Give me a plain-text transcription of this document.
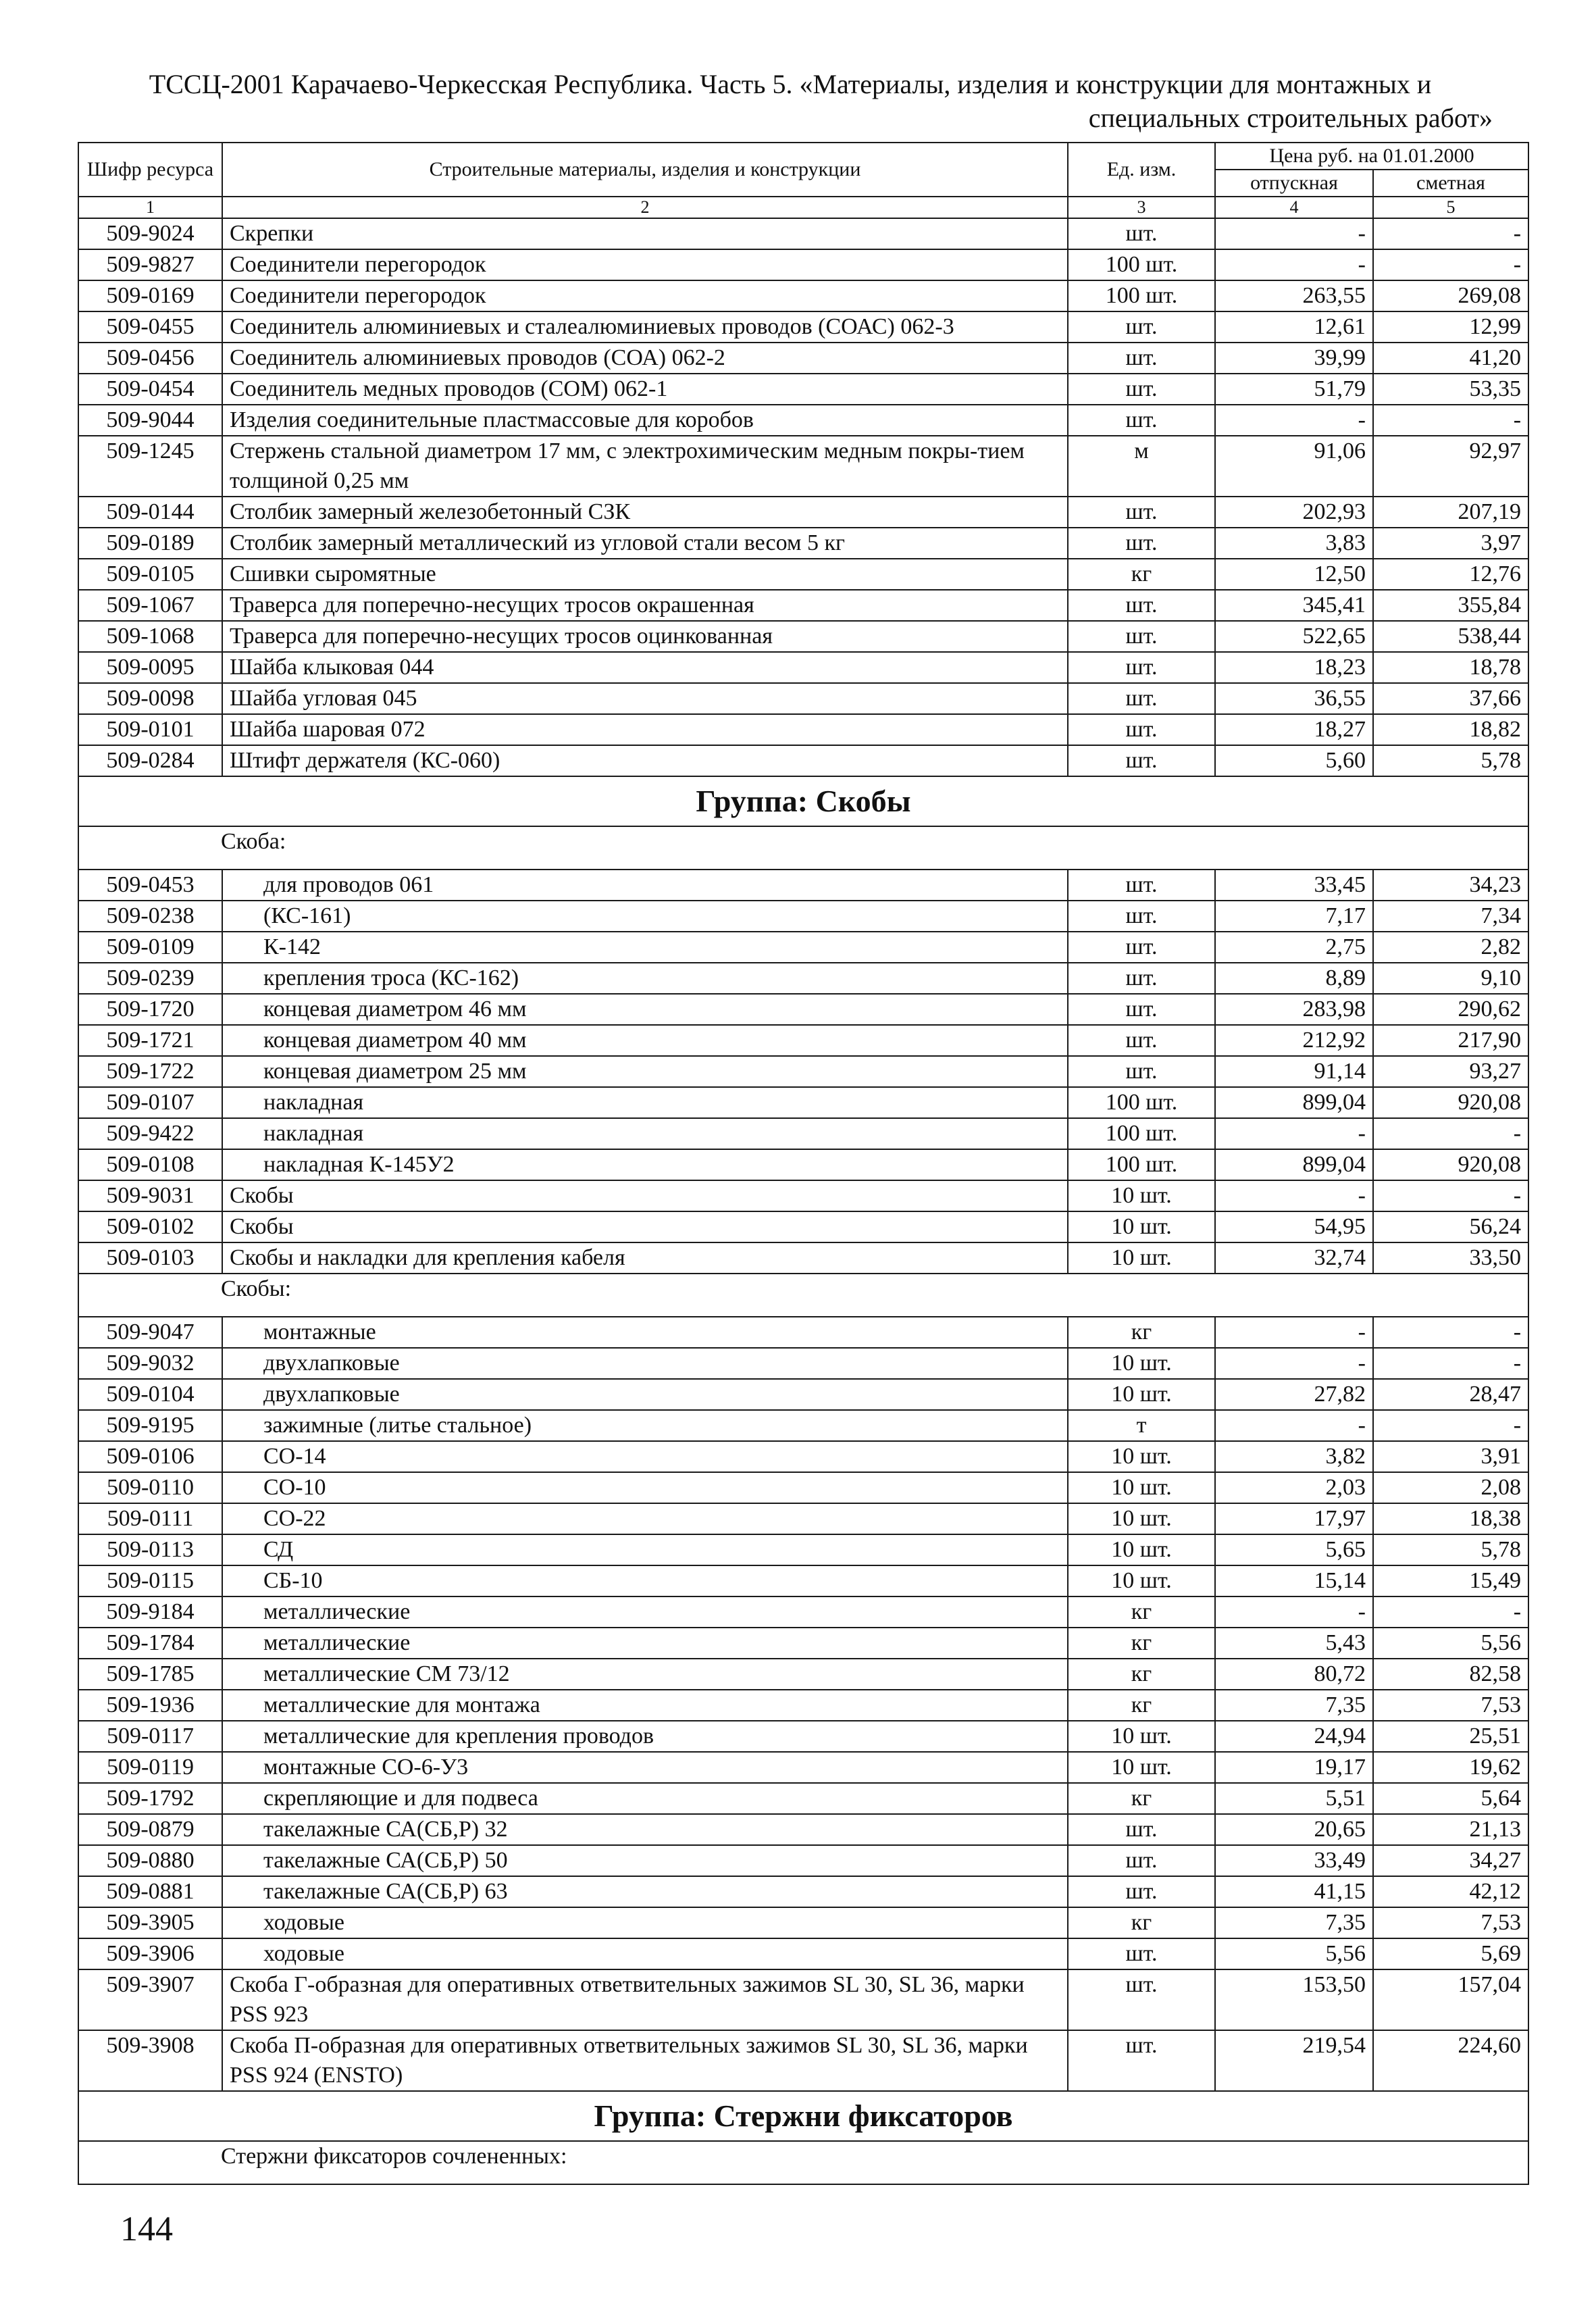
ТССЦ-2001 Карачаево-Черкесская Республика. Часть 5. «Материалы, изделия и конструкции для монтажных и
специальных строительных работ»
Шифр ресурса	Строительные материалы, изделия и конструкции	Ед. изм.	Цена руб. на 01.01.2000	
			отпускная	сметная
1	2	3	4	5
509-9024	Скрепки	шт.	-	-
509-9827	Соединители перегородок	100 шт.	-	-
509-0169	Соединители перегородок	100 шт.	263,55	269,08
509-0455	Соединитель алюминиевых и сталеалюминиевых проводов (СОАС) 062-3	шт.	12,61	12,99
509-0456	Соединитель алюминиевых проводов (СОА) 062-2	шт.	39,99	41,20
509-0454	Соединитель медных проводов (СОМ) 062-1	шт.	51,79	53,35
509-9044	Изделия соединительные пластмассовые для коробов	шт.	-	-
509-1245	Стержень стальной диаметром 17 мм, с электрохимическим медным покры-тием толщиной 0,25 мм	м	91,06	92,97
509-0144	Столбик замерный железобетонный СЗК	шт.	202,93	207,19
509-0189	Столбик замерный металлический из угловой стали весом 5 кг	шт.	3,83	3,97
509-0105	Сшивки сыромятные	кг	12,50	12,76
509-1067	Траверса для поперечно-несущих тросов окрашенная	шт.	345,41	355,84
509-1068	Траверса для поперечно-несущих тросов оцинкованная	шт.	522,65	538,44
509-0095	Шайба клыковая 044	шт.	18,23	18,78
509-0098	Шайба угловая 045	шт.	36,55	37,66
509-0101	Шайба шаровая 072	шт.	18,27	18,82
509-0284	Штифт держателя (КС-060)	шт.	5,60	5,78
Группа: Скобы				
Скоба:				
509-0453	для проводов 061	шт.	33,45	34,23
509-0238	(КС-161)	шт.	7,17	7,34
509-0109	К-142	шт.	2,75	2,82
509-0239	крепления троса (КС-162)	шт.	8,89	9,10
509-1720	концевая диаметром 46 мм	шт.	283,98	290,62
509-1721	концевая диаметром 40 мм	шт.	212,92	217,90
509-1722	концевая диаметром 25 мм	шт.	91,14	93,27
509-0107	накладная	100 шт.	899,04	920,08
509-9422	накладная	100 шт.	-	-
509-0108	накладная К-145У2	100 шт.	899,04	920,08
509-9031	Скобы	10 шт.	-	-
509-0102	Скобы	10 шт.	54,95	56,24
509-0103	Скобы и накладки для крепления кабеля	10 шт.	32,74	33,50
Скобы:				
509-9047	монтажные	кг	-	-
509-9032	двухлапковые	10 шт.	-	-
509-0104	двухлапковые	10 шт.	27,82	28,47
509-9195	зажимные (литье стальное)	т	-	-
509-0106	СО-14	10 шт.	3,82	3,91
509-0110	СО-10	10 шт.	2,03	2,08
509-0111	СО-22	10 шт.	17,97	18,38
509-0113	СД	10 шт.	5,65	5,78
509-0115	СБ-10	10 шт.	15,14	15,49
509-9184	металлические	кг	-	-
509-1784	металлические	кг	5,43	5,56
509-1785	металлические СМ 73/12	кг	80,72	82,58
509-1936	металлические для монтажа	кг	7,35	7,53
509-0117	металлические для крепления проводов	10 шт.	24,94	25,51
509-0119	монтажные СО-6-У3	10 шт.	19,17	19,62
509-1792	скрепляющие и для подвеса	кг	5,51	5,64
509-0879	такелажные СА(СБ,Р) 32	шт.	20,65	21,13
509-0880	такелажные СА(СБ,Р) 50	шт.	33,49	34,27
509-0881	такелажные СА(СБ,Р) 63	шт.	41,15	42,12
509-3905	ходовые	кг	7,35	7,53
509-3906	ходовые	шт.	5,56	5,69
509-3907	Скоба Г-образная для оперативных ответвительных зажимов SL 30, SL 36, марки PSS 923	шт.	153,50	157,04
509-3908	Скоба П-образная для оперативных ответвительных зажимов SL 30, SL 36, марки PSS 924 (ENSTO)	шт.	219,54	224,60
Группа: Стержни фиксаторов				
Стержни фиксаторов сочлененных:				
144
